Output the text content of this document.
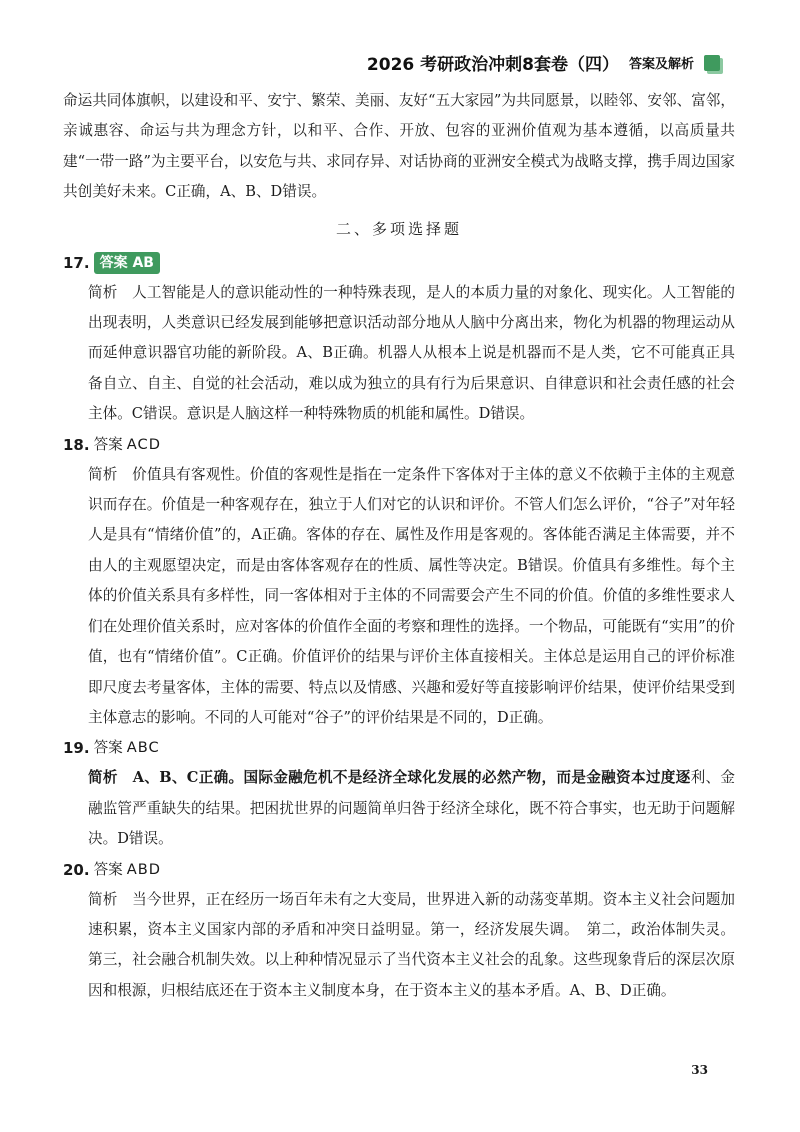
2026 考研政治冲刺8套卷（四） 答案及解析

命运共同体旗帜，以建设和平、安宁、繁荣、美丽、友好“五大家园”为共同愿景，以睦邻、安邻、富邻，亲诚惠容、命运与共为理念方针，以和平、合作、开放、包容的亚洲价值观为基本遵循，以高质量共建“一带一路”为主要平台，以安危与共、求同存异、对话协商的亚洲安全模式为战略支撑，携手周边国家共创美好未来。C正确，A、B、D错误。

二、多项选择题
17. 答案 AB

简析　人工智能是人的意识能动性的一种特殊表现，是人的本质力量的对象化、现实化。人工智能的出现表明，人类意识已经发展到能够把意识活动部分地从人脑中分离出来，物化为机器的物理运动从而延伸意识器官功能的新阶段。A、B正确。机器人从根本上说是机器而不是人类，它不可能真正具备自立、自主、自觉的社会活动，难以成为独立的具有行为后果意识、自律意识和社会责任感的社会主体。C错误。意识是人脑这样一种特殊物质的机能和属性。D错误。

18. 答案 ACD

简析　价值具有客观性。价值的客观性是指在一定条件下客体对于主体的意义不依赖于主体的主观意识而存在。价值是一种客观存在，独立于人们对它的认识和评价。不管人们怎么评价，“谷子”对年轻人是具有“情绪价值”的，A正确。客体的存在、属性及作用是客观的。客体能否满足主体需要，并不由人的主观愿望决定，而是由客体客观存在的性质、属性等决定。B错误。价值具有多维性。每个主体的价值关系具有多样性，同一客体相对于主体的不同需要会产生不同的价值。价值的多维性要求人们在处理价值关系时，应对客体的价值作全面的考察和理性的选择。一个物品，可能既有“实用”的价值，也有“情绪价值”。C正确。价值评价的结果与评价主体直接相关。主体总是运用自己的评价标准即尺度去考量客体，主体的需要、特点以及情感、兴趣和爱好等直接影响评价结果，使评价结果受到主体意志的影响。不同的人可能对“谷子”的评价结果是不同的，D正确。

19. 答案 ABC

简析　A、B、C正确。国际金融危机不是经济全球化发展的必然产物，而是金融资本过度逐利、金融监管严重缺失的结果。把困扰世界的问题简单归咎于经济全球化，既不符合事实，也无助于问题解决。D错误。

20. 答案 ABD

简析　当今世界，正在经历一场百年未有之大变局，世界进入新的动荡变革期。资本主义社会问题加速积累，资本主义国家内部的矛盾和冲突日益明显。第一，经济发展失调。　第二，政治体制失灵。第三，社会融合机制失效。以上种种情况显示了当代资本主义社会的乱象。这些现象背后的深层次原因和根源，归根结底还在于资本主义制度本身，在于资本主义的基本矛盾。A、B、D正确。

33
